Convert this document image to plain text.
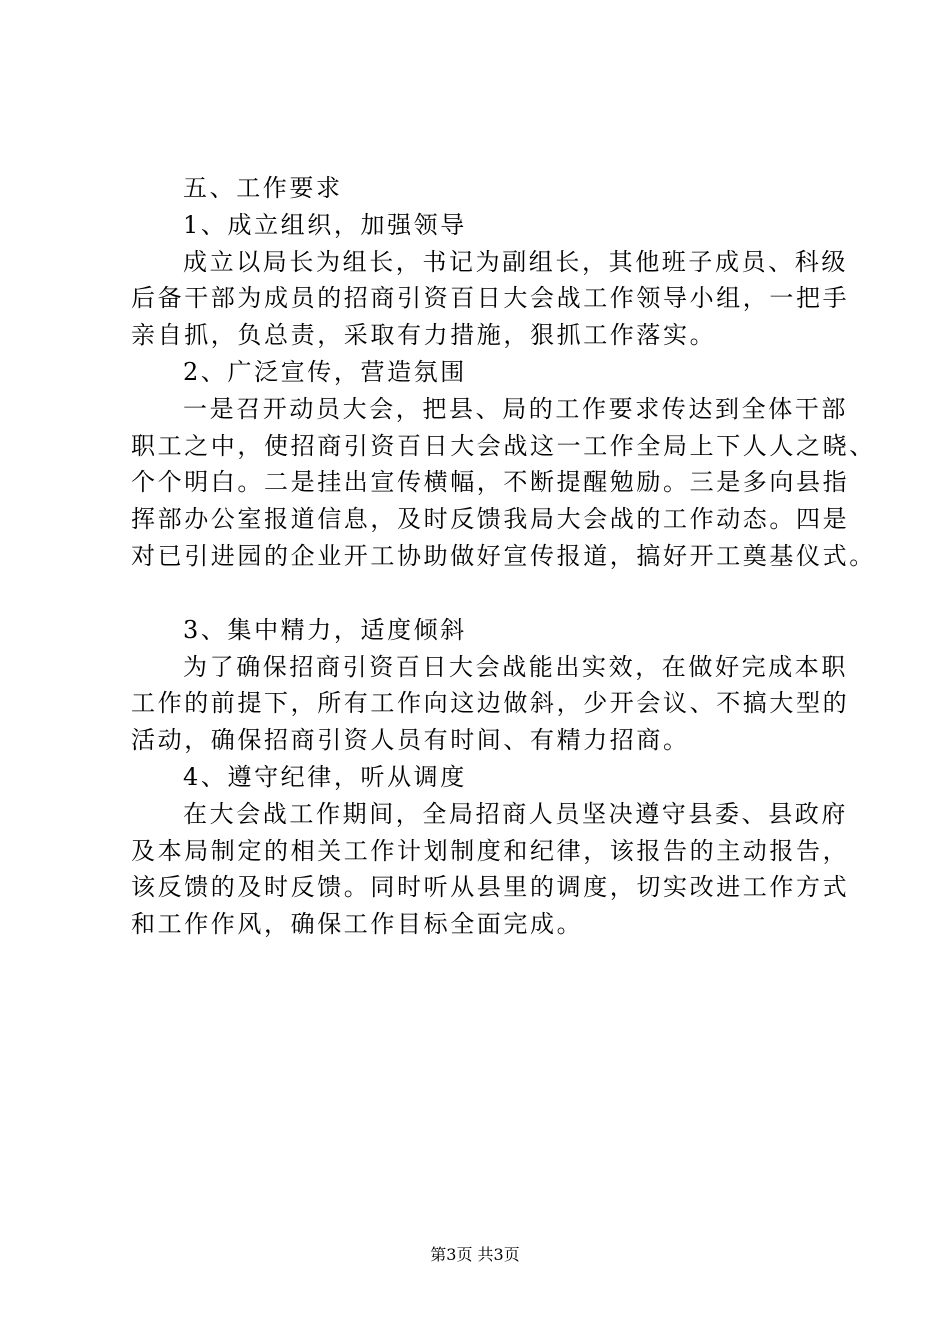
五、工作要求
1、成立组织，加强领导
成立以局长为组长，书记为副组长，其他班子成员、科级
后备干部为成员的招商引资百日大会战工作领导小组，一把手
亲自抓，负总责，采取有力措施，狠抓工作落实。
2、广泛宣传，营造氛围
一是召开动员大会，把县、局的工作要求传达到全体干部
职工之中，使招商引资百日大会战这一工作全局上下人人之晓、
个个明白。二是挂出宣传横幅，不断提醒勉励。三是多向县指
挥部办公室报道信息，及时反馈我局大会战的工作动态。四是
对已引进园的企业开工协助做好宣传报道，搞好开工奠基仪式。
3、集中精力，适度倾斜
为了确保招商引资百日大会战能出实效，在做好完成本职
工作的前提下，所有工作向这边做斜，少开会议、不搞大型的
活动，确保招商引资人员有时间、有精力招商。
4、遵守纪律，听从调度
在大会战工作期间，全局招商人员坚决遵守县委、县政府
及本局制定的相关工作计划制度和纪律，该报告的主动报告，
该反馈的及时反馈。同时听从县里的调度，切实改进工作方式
和工作作风，确保工作目标全面完成。
第3页 共3页
